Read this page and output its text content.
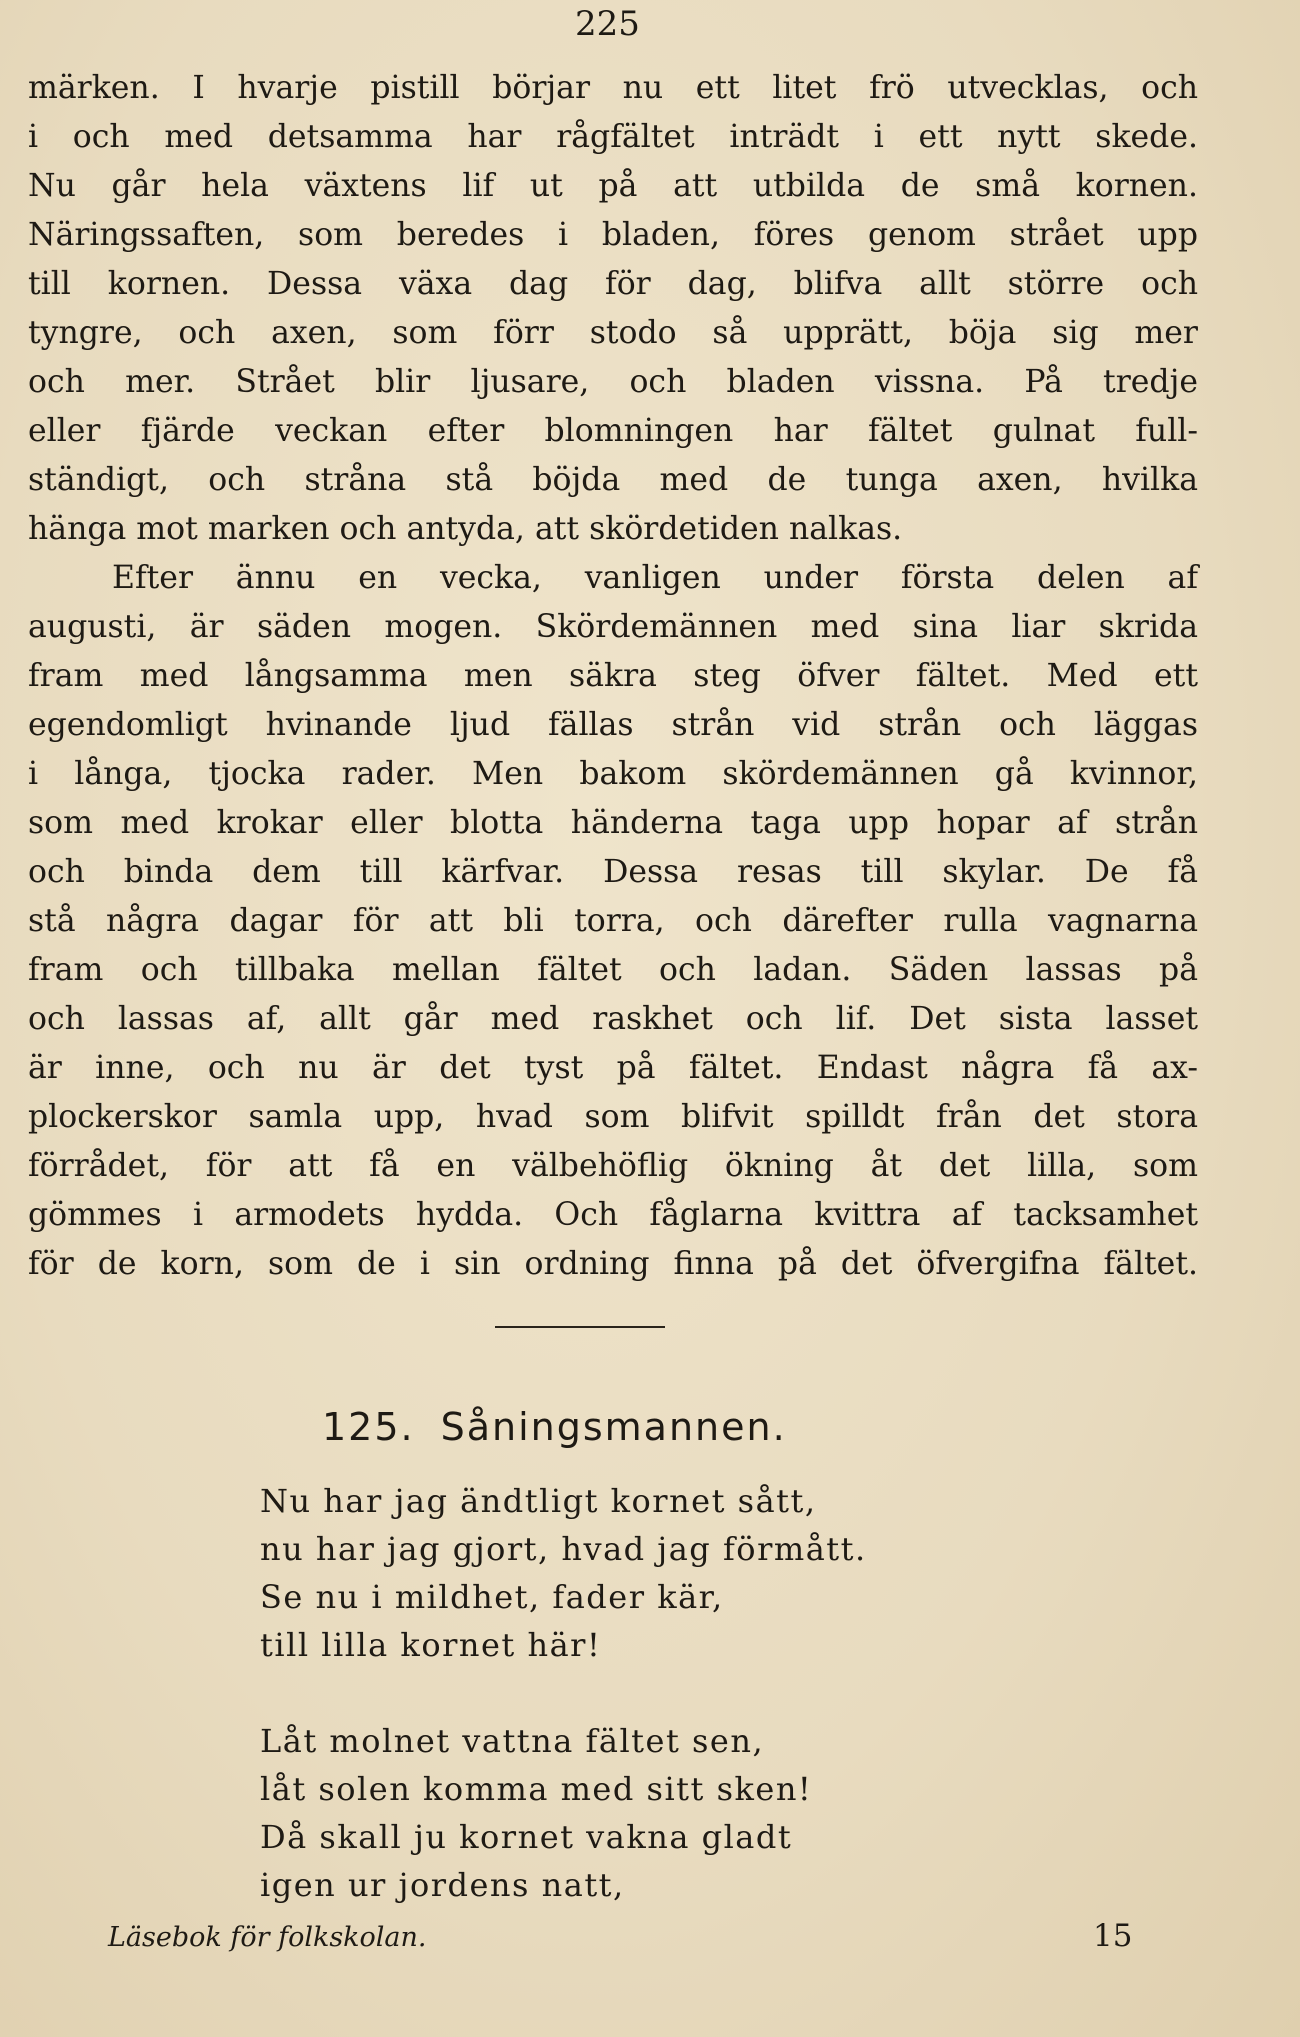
225
märken. I hvarje pistill börjar nu ett litet frö utvecklas, och
i och med detsamma har rågfältet inträdt i ett nytt skede.
Nu går hela växtens lif ut på att utbilda de små kornen.
Näringssaften, som beredes i bladen, föres genom strået upp
till kornen. Dessa växa dag för dag, blifva allt större och
tyngre, och axen, som förr stodo så upprätt, böja sig mer
och mer. Strået blir ljusare, och bladen vissna. På tredje
eller fjärde veckan efter blomningen har fältet gulnat full-
ständigt, och stråna stå böjda med de tunga axen, hvilka
hänga mot marken och antyda, att skördetiden nalkas.
Efter ännu en vecka, vanligen under första delen af
augusti, är säden mogen. Skördemännen med sina liar skrida
fram med långsamma men säkra steg öfver fältet. Med ett
egendomligt hvinande ljud fällas strån vid strån och läggas
i långa, tjocka rader. Men bakom skördemännen gå kvinnor,
som med krokar eller blotta händerna taga upp hopar af strån
och binda dem till kärfvar. Dessa resas till skylar. De få
stå några dagar för att bli torra, och därefter rulla vagnarna
fram och tillbaka mellan fältet och ladan. Säden lassas på
och lassas af, allt går med raskhet och lif. Det sista lasset
är inne, och nu är det tyst på fältet. Endast några få ax-
plockerskor samla upp, hvad som blifvit spilldt från det stora
förrådet, för att få en välbehöflig ökning åt det lilla, som
gömmes i armodets hydda. Och fåglarna kvittra af tacksamhet
för de korn, som de i sin ordning finna på det öfvergifna fältet.
125. Såningsmannen.
Nu har jag ändtligt kornet sått,
nu har jag gjort, hvad jag förmått.
Se nu i mildhet, fader kär,
till lilla kornet här!
Låt molnet vattna fältet sen,
låt solen komma med sitt sken!
Då skall ju kornet vakna gladt
igen ur jordens natt,
Läsebok för folkskolan.	15
